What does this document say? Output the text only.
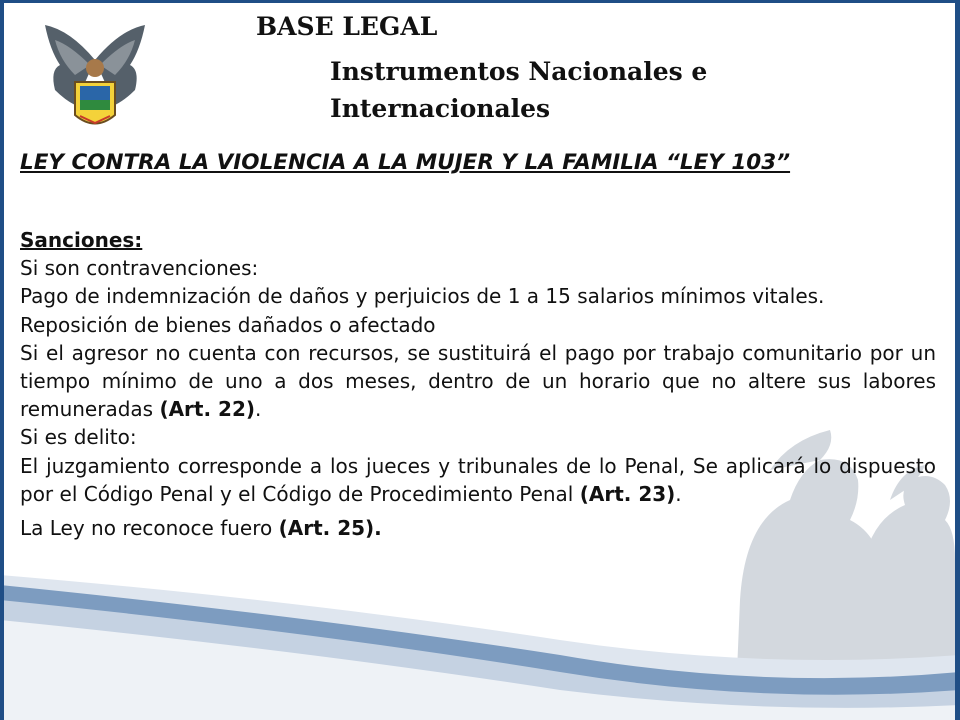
BASE LEGAL
Instrumentos Nacionales e Internacionales
LEY CONTRA LA VIOLENCIA A LA MUJER Y LA FAMILIA “LEY 103”

Sanciones:

Si son contravenciones:

Pago de indemnización de daños y perjuicios de 1 a 15 salarios mínimos vitales.

Reposición de bienes dañados o afectado

Si el agresor no cuenta con recursos, se sustituirá el pago por trabajo comunitario por un tiempo mínimo de uno a dos meses, dentro de un horario que no altere sus labores remuneradas (Art. 22).

Si es delito:

El juzgamiento corresponde a los jueces y tribunales de lo Penal, Se aplicará lo dispuesto por el Código Penal y el Código de Procedimiento Penal (Art. 23).

La Ley no reconoce fuero (Art. 25).
